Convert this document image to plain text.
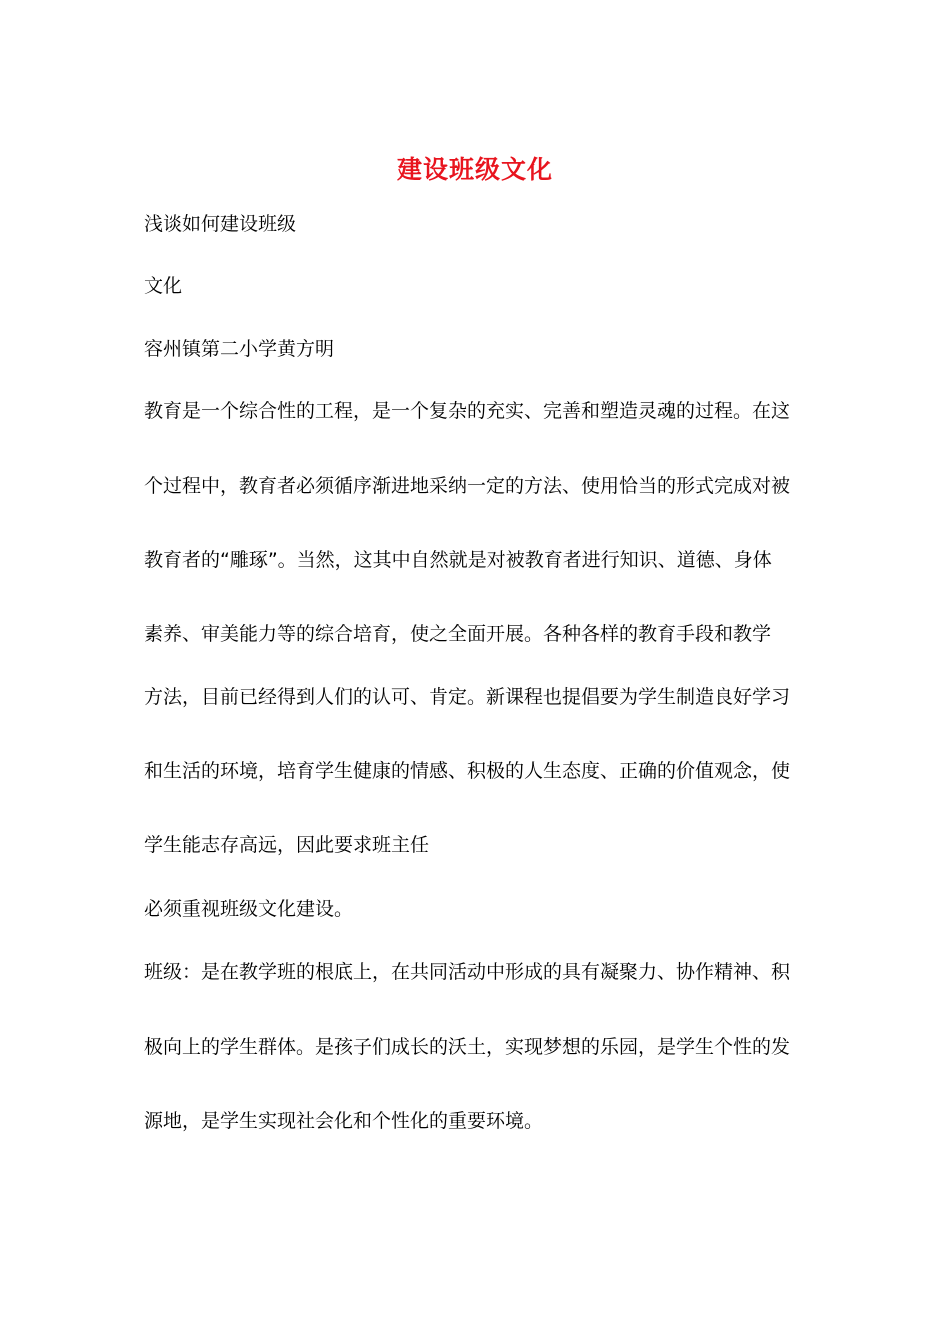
建设班级文化
浅谈如何建设班级
文化
容州镇第二小学黄方明
教育是一个综合性的工程，是一个复杂的充实、完善和塑造灵魂的过程。在这
个过程中，教育者必须循序渐进地采纳一定的方法、使用恰当的形式完成对被
教育者的“雕琢”。当然，这其中自然就是对被教育者进行知识、道德、身体
素养、审美能力等的综合培育，使之全面开展。各种各样的教育手段和教学
方法，目前已经得到人们的认可、肯定。新课程也提倡要为学生制造良好学习
和生活的环境，培育学生健康的情感、积极的人生态度、正确的价值观念，使
学生能志存高远，因此要求班主任
必须重视班级文化建设。
班级：是在教学班的根底上，在共同活动中形成的具有凝聚力、协作精神、积
极向上的学生群体。是孩子们成长的沃土，实现梦想的乐园，是学生个性的发
源地，是学生实现社会化和个性化的重要环境。
